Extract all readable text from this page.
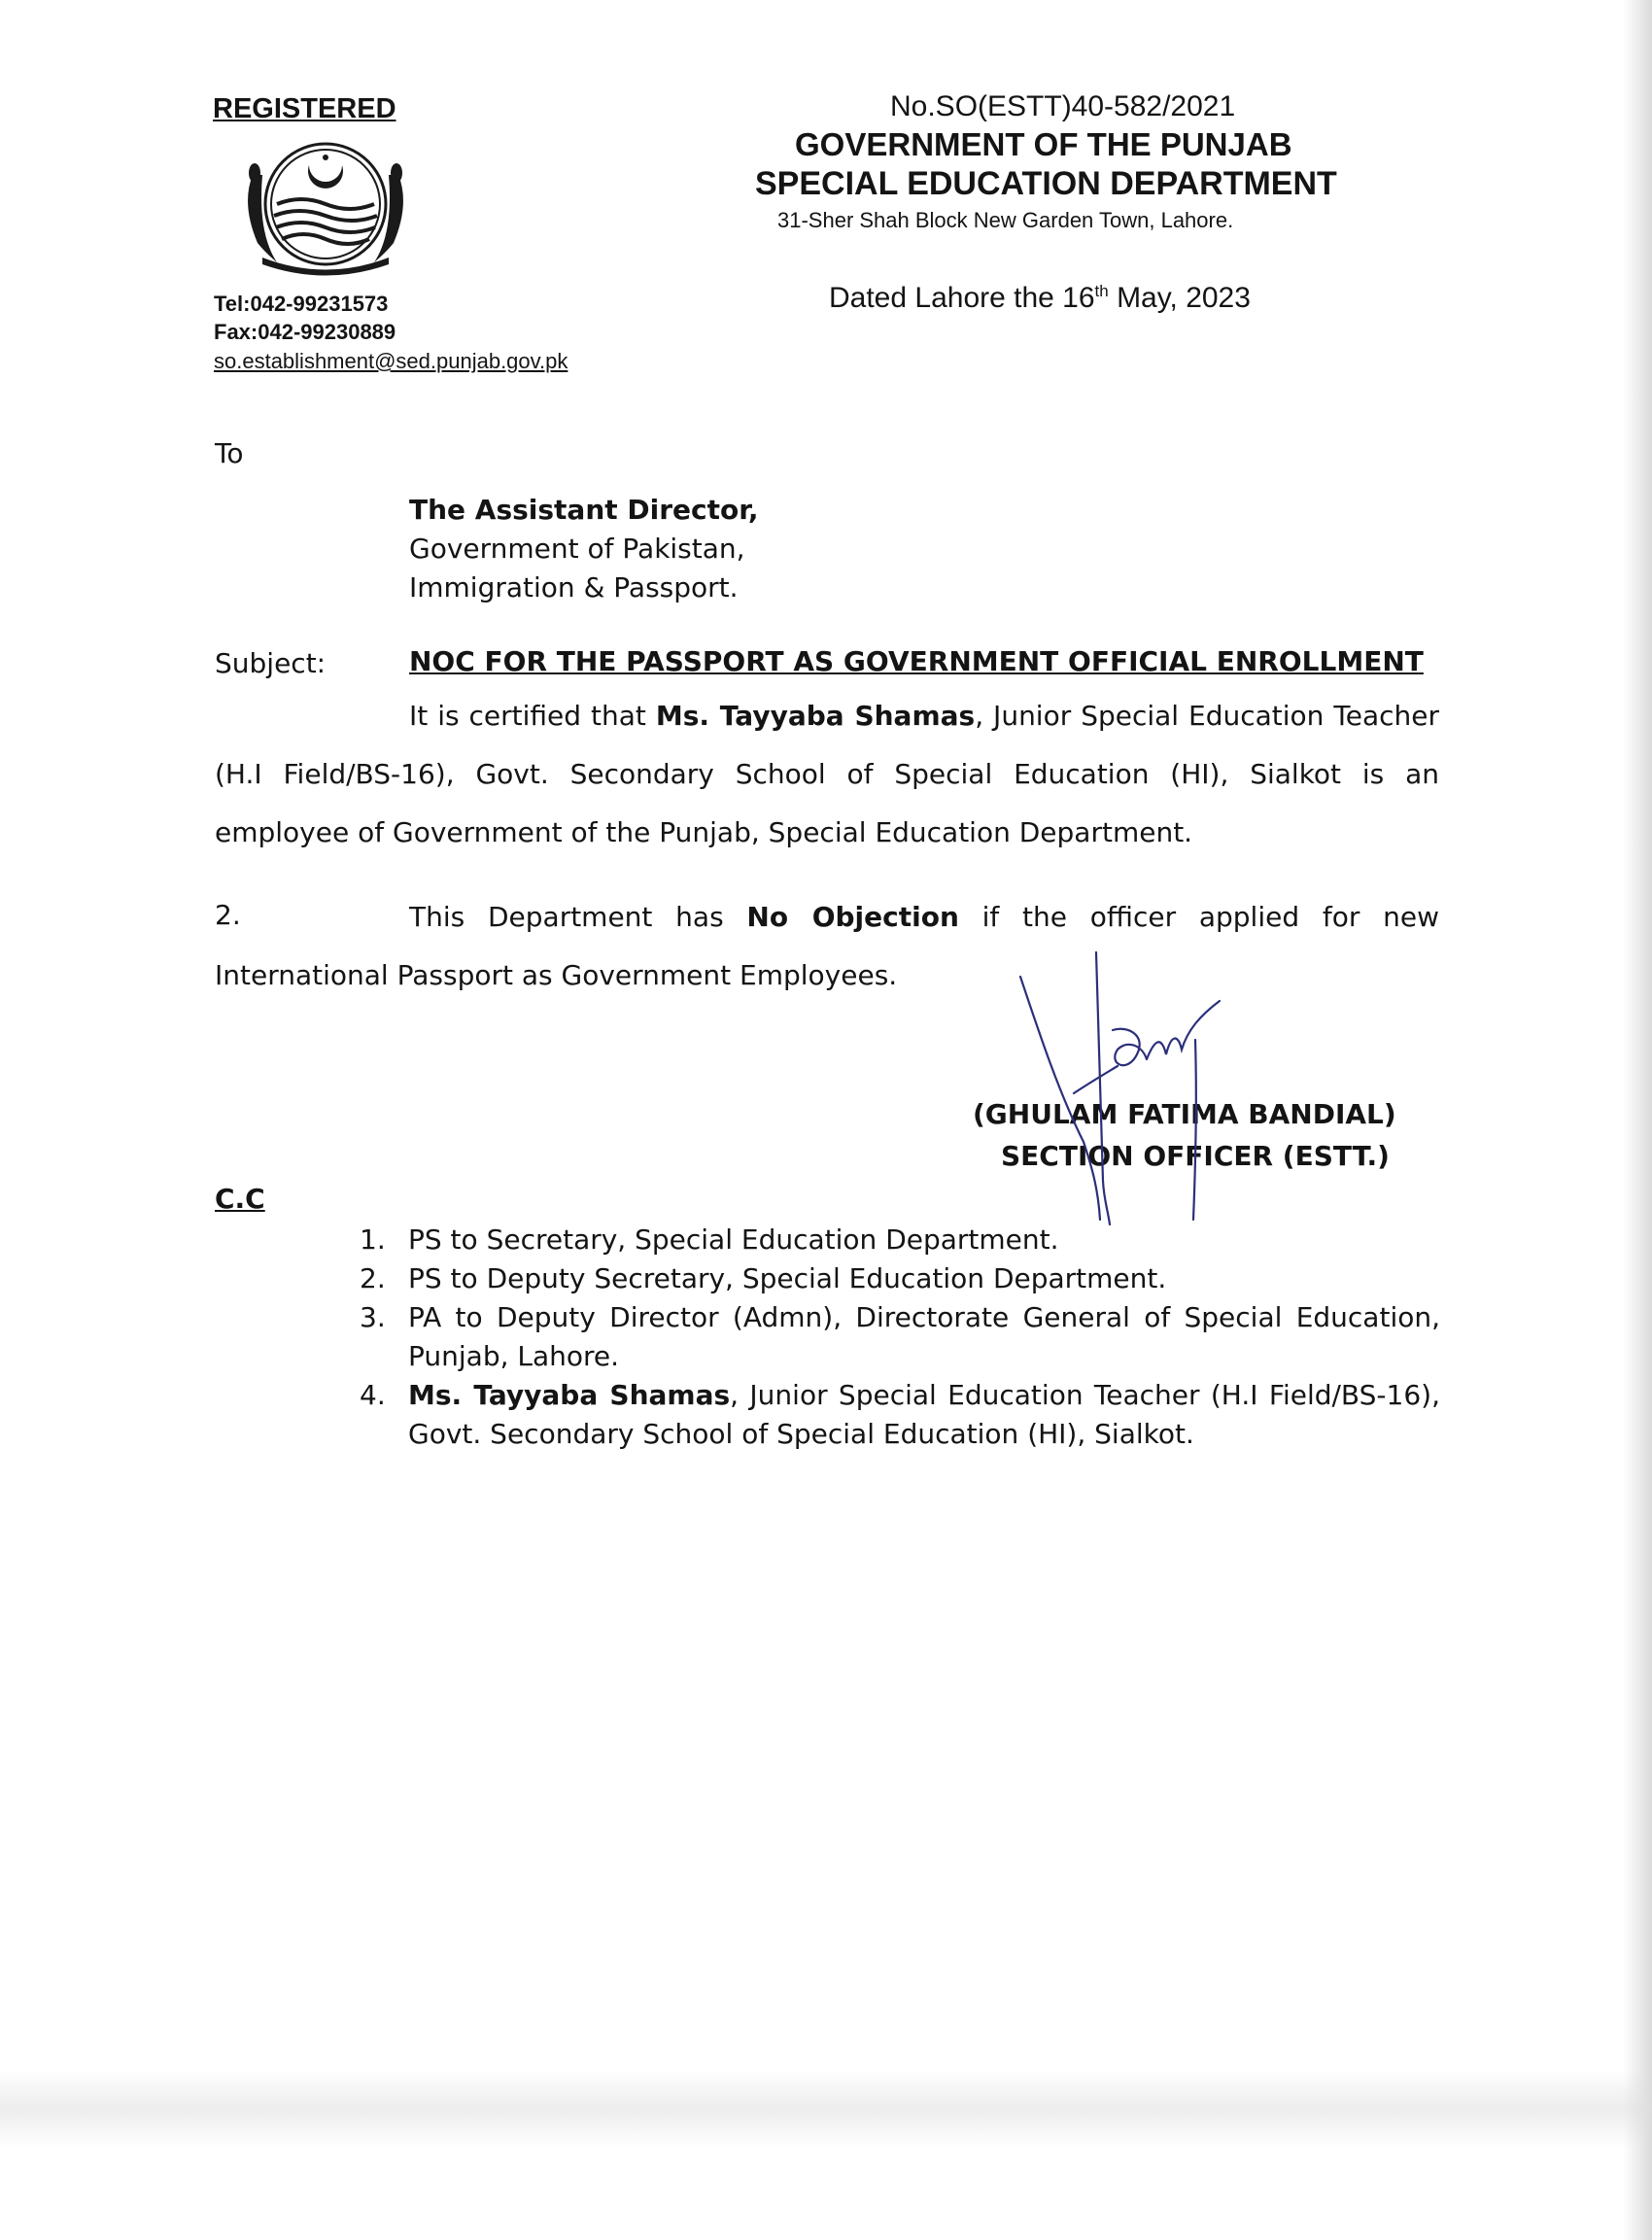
REGISTERED
Tel:042-99231573
Fax:042-99230889
so.establishment@sed.punjab.gov.pk
No.SO(ESTT)40-582/2021
GOVERNMENT OF THE PUNJAB
SPECIAL EDUCATION DEPARTMENT
31-Sher Shah Block New Garden Town, Lahore.
Dated Lahore the 16th May, 2023
To
The Assistant Director,
Government of Pakistan,
Immigration & Passport.
Subject:	NOC FOR THE PASSPORT AS GOVERNMENT OFFICIAL ENROLLMENT
It is certified that Ms. Tayyaba Shamas, Junior Special Education Teacher (H.I Field/BS-16), Govt. Secondary School of Special Education (HI), Sialkot is an employee of Government of the Punjab, Special Education Department.
This Department has No Objection if the officer applied for new International Passport as Government Employees.
2.
(GHULAM FATIMA BANDIAL)
SECTION OFFICER (ESTT.)
C.C
1. PS to Secretary, Special Education Department.
2. PS to Deputy Secretary, Special Education Department.
3. PA to Deputy Director (Admn), Directorate General of Special Education, Punjab, Lahore.
4. Ms. Tayyaba Shamas, Junior Special Education Teacher (H.I Field/BS-16), Govt. Secondary School of Special Education (HI), Sialkot.
